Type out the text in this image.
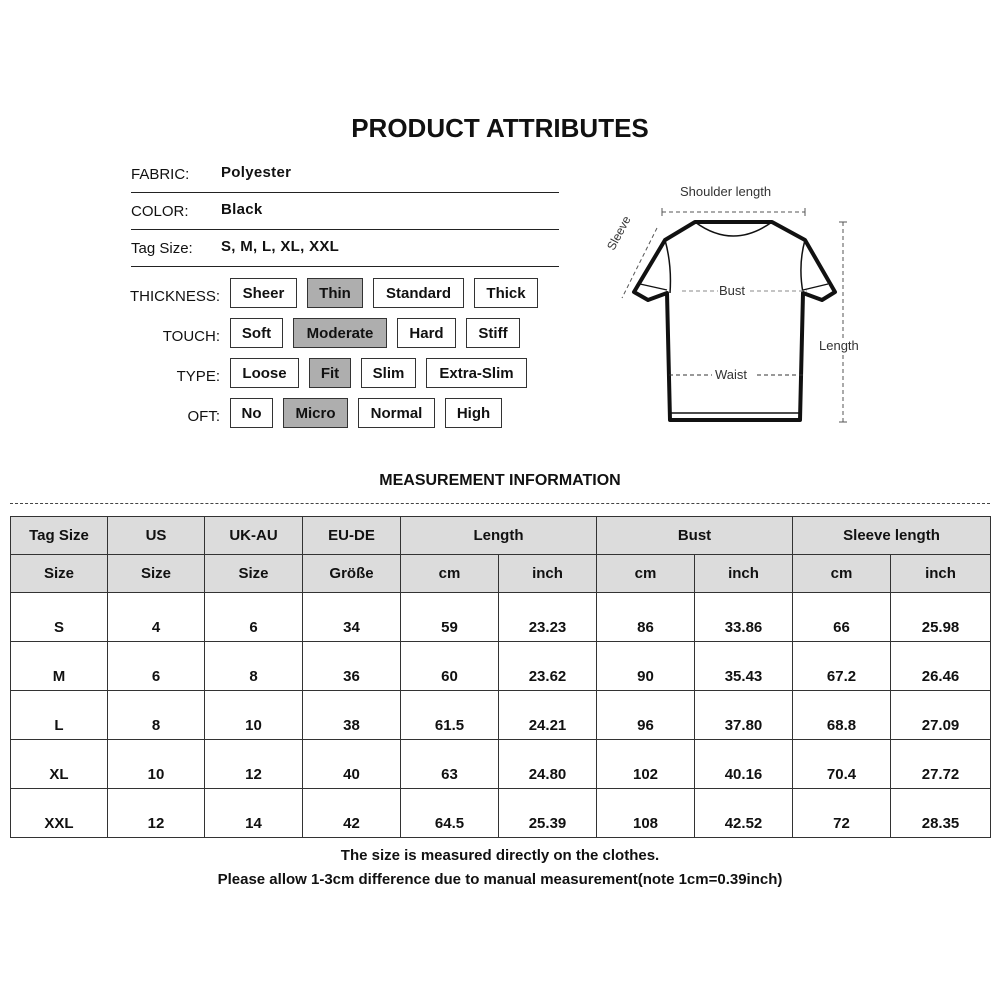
PRODUCT ATTRIBUTES
FABRIC: Polyester
COLOR: Black
Tag Size: S, M, L, XL, XXL
THICKNESS:	Sheer	Thin	Standard	Thick
TOUCH:	Soft	Moderate	Hard	Stiff
TYPE:	Loose	Fit	Slim	Extra-Slim
OFT:	No	Micro	Normal	High
Shoulder length
Sleeve
Bust
Waist
Length
MEASUREMENT INFORMATION
Tag Size	US	UK-AU	EU-DE	Length		Bust		Sleeve length	
Size	Size	Size	Größe	cm	inch	cm	inch	cm	inch
S	4	6	34	59	23.23	86	33.86	66	25.98
M	6	8	36	60	23.62	90	35.43	67.2	26.46
L	8	10	38	61.5	24.21	96	37.80	68.8	27.09
XL	10	12	40	63	24.80	102	40.16	70.4	27.72
XXL	12	14	42	64.5	25.39	108	42.52	72	28.35
The size is measured directly on the clothes.
Please allow 1-3cm difference due to manual measurement(note 1cm=0.39inch)
